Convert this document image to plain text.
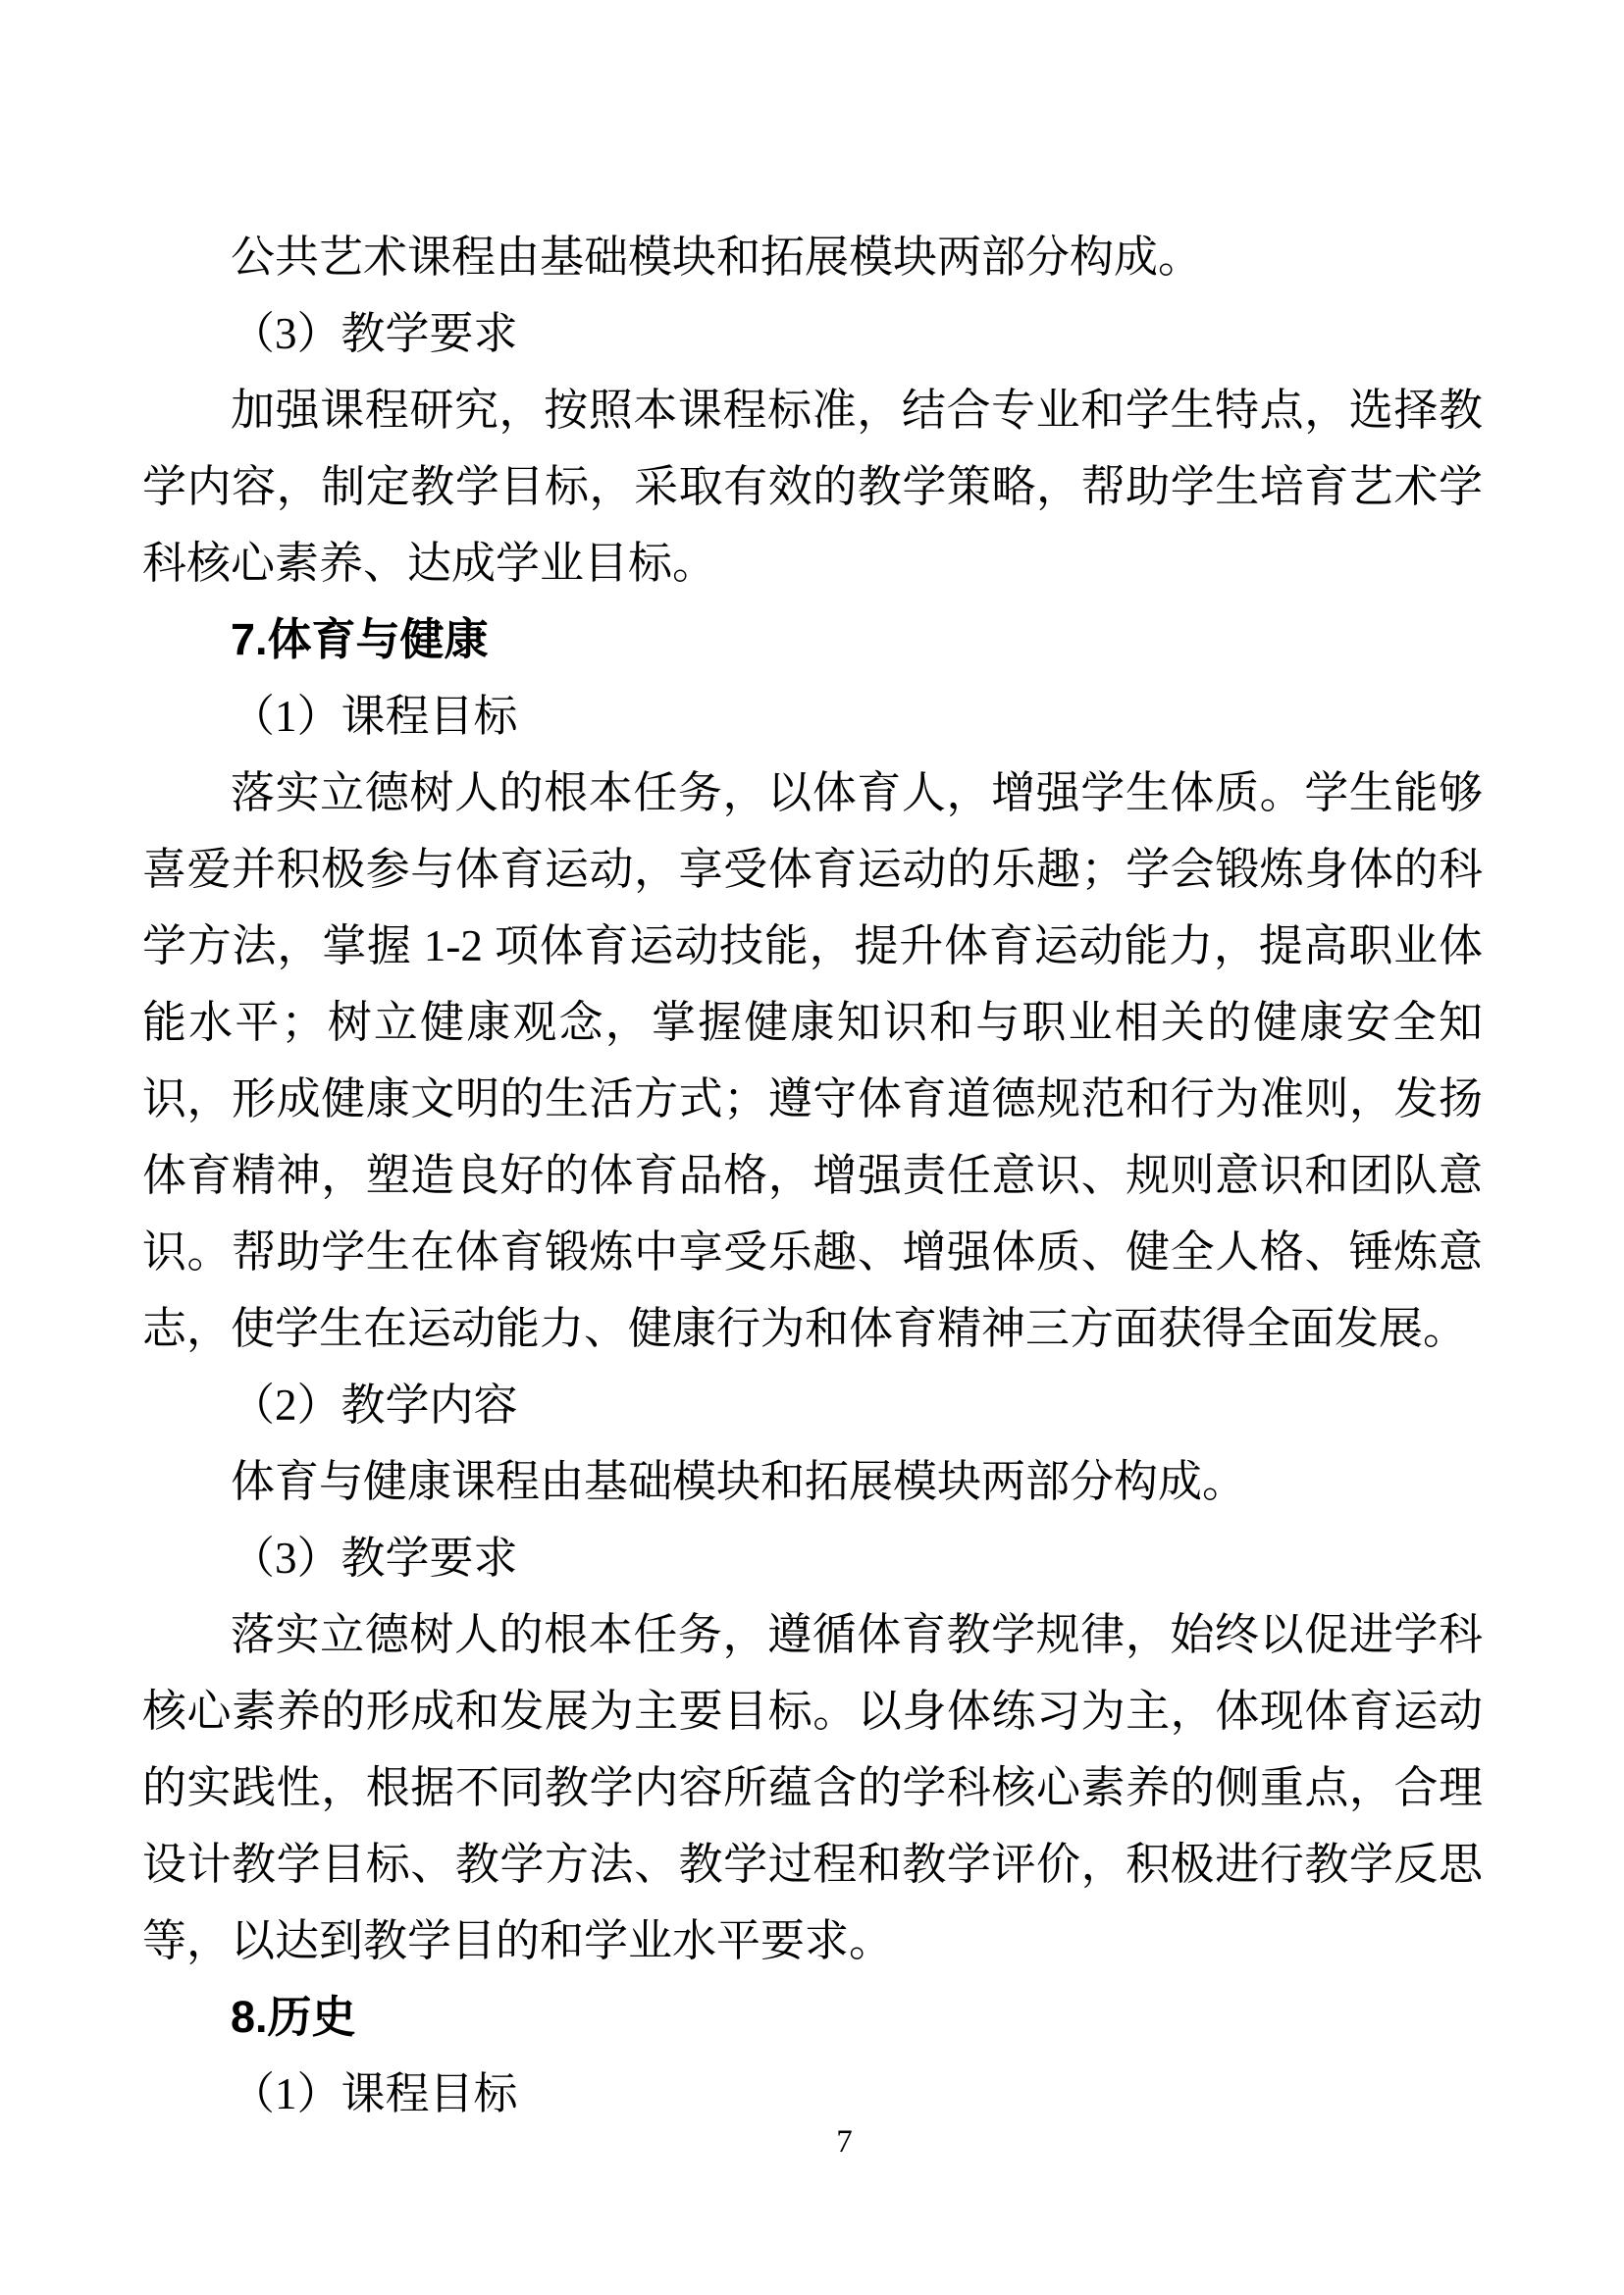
公共艺术课程由基础模块和拓展模块两部分构成。

（3）教学要求

加强课程研究，按照本课程标准，结合专业和学生特点，选择教学内容，制定教学目标，采取有效的教学策略，帮助学生培育艺术学科核心素养、达成学业目标。

7.体育与健康

（1）课程目标

落实立德树人的根本任务，以体育人，增强学生体质。学生能够喜爱并积极参与体育运动，享受体育运动的乐趣；学会锻炼身体的科学方法，掌握 1-2 项体育运动技能，提升体育运动能力，提高职业体能水平；树立健康观念，掌握健康知识和与职业相关的健康安全知识，形成健康文明的生活方式；遵守体育道德规范和行为准则，发扬体育精神，塑造良好的体育品格，增强责任意识、规则意识和团队意识。帮助学生在体育锻炼中享受乐趣、增强体质、健全人格、锤炼意志，使学生在运动能力、健康行为和体育精神三方面获得全面发展。

（2）教学内容

体育与健康课程由基础模块和拓展模块两部分构成。

（3）教学要求

落实立德树人的根本任务，遵循体育教学规律，始终以促进学科核心素养的形成和发展为主要目标。以身体练习为主，体现体育运动的实践性，根据不同教学内容所蕴含的学科核心素养的侧重点，合理设计教学目标、教学方法、教学过程和教学评价，积极进行教学反思等，以达到教学目的和学业水平要求。

8.历史

（1）课程目标

7
